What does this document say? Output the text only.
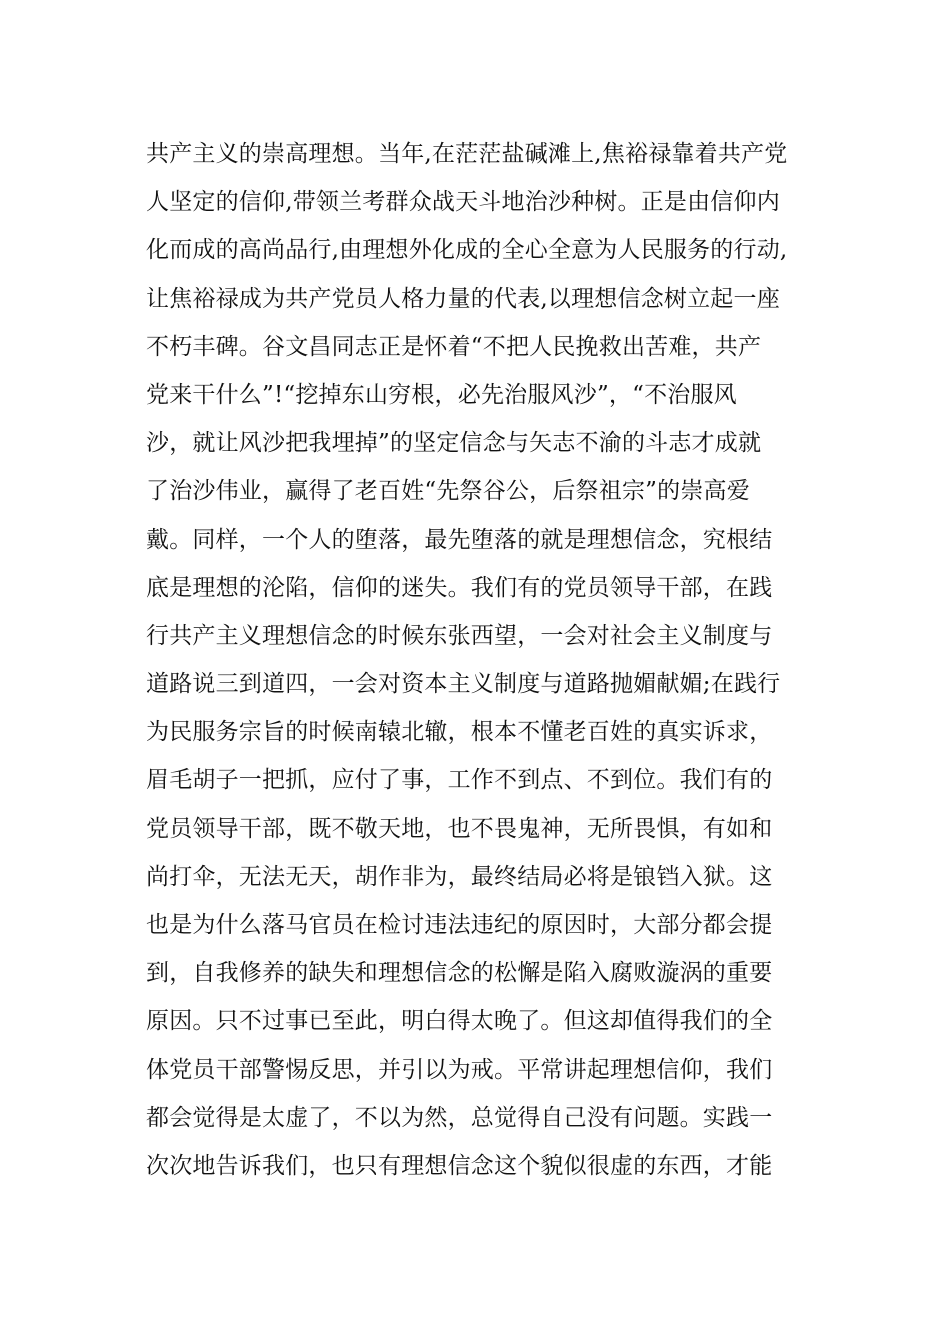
共产主义的崇高理想。当年,在茫茫盐碱滩上,焦裕禄靠着共产党
人坚定的信仰,带领兰考群众战天斗地治沙种树。正是由信仰内
化而成的高尚品行,由理想外化成的全心全意为人民服务的行动,
让焦裕禄成为共产党员人格力量的代表,以理想信念树立起一座
不朽丰碑。谷文昌同志正是怀着“不把人民挽救出苦难，共产
党来干什么”!“挖掉东山穷根，必先治服风沙”，“不治服风
沙，就让风沙把我埋掉”的坚定信念与矢志不渝的斗志才成就
了治沙伟业，赢得了老百姓“先祭谷公，后祭祖宗”的崇高爱
戴。同样，一个人的堕落，最先堕落的就是理想信念，究根结
底是理想的沦陷，信仰的迷失。我们有的党员领导干部，在践
行共产主义理想信念的时候东张西望，一会对社会主义制度与
道路说三到道四，一会对资本主义制度与道路抛媚献媚;在践行
为民服务宗旨的时候南辕北辙，根本不懂老百姓的真实诉求，
眉毛胡子一把抓，应付了事，工作不到点、不到位。我们有的
党员领导干部，既不敬天地，也不畏鬼神，无所畏惧，有如和
尚打伞，无法无天，胡作非为，最终结局必将是锒铛入狱。这
也是为什么落马官员在检讨违法违纪的原因时，大部分都会提
到，自我修养的缺失和理想信念的松懈是陷入腐败漩涡的重要
原因。只不过事已至此，明白得太晚了。但这却值得我们的全
体党员干部警惕反思，并引以为戒。平常讲起理想信仰，我们
都会觉得是太虚了，不以为然，总觉得自己没有问题。实践一
次次地告诉我们，也只有理想信念这个貌似很虚的东西，才能
